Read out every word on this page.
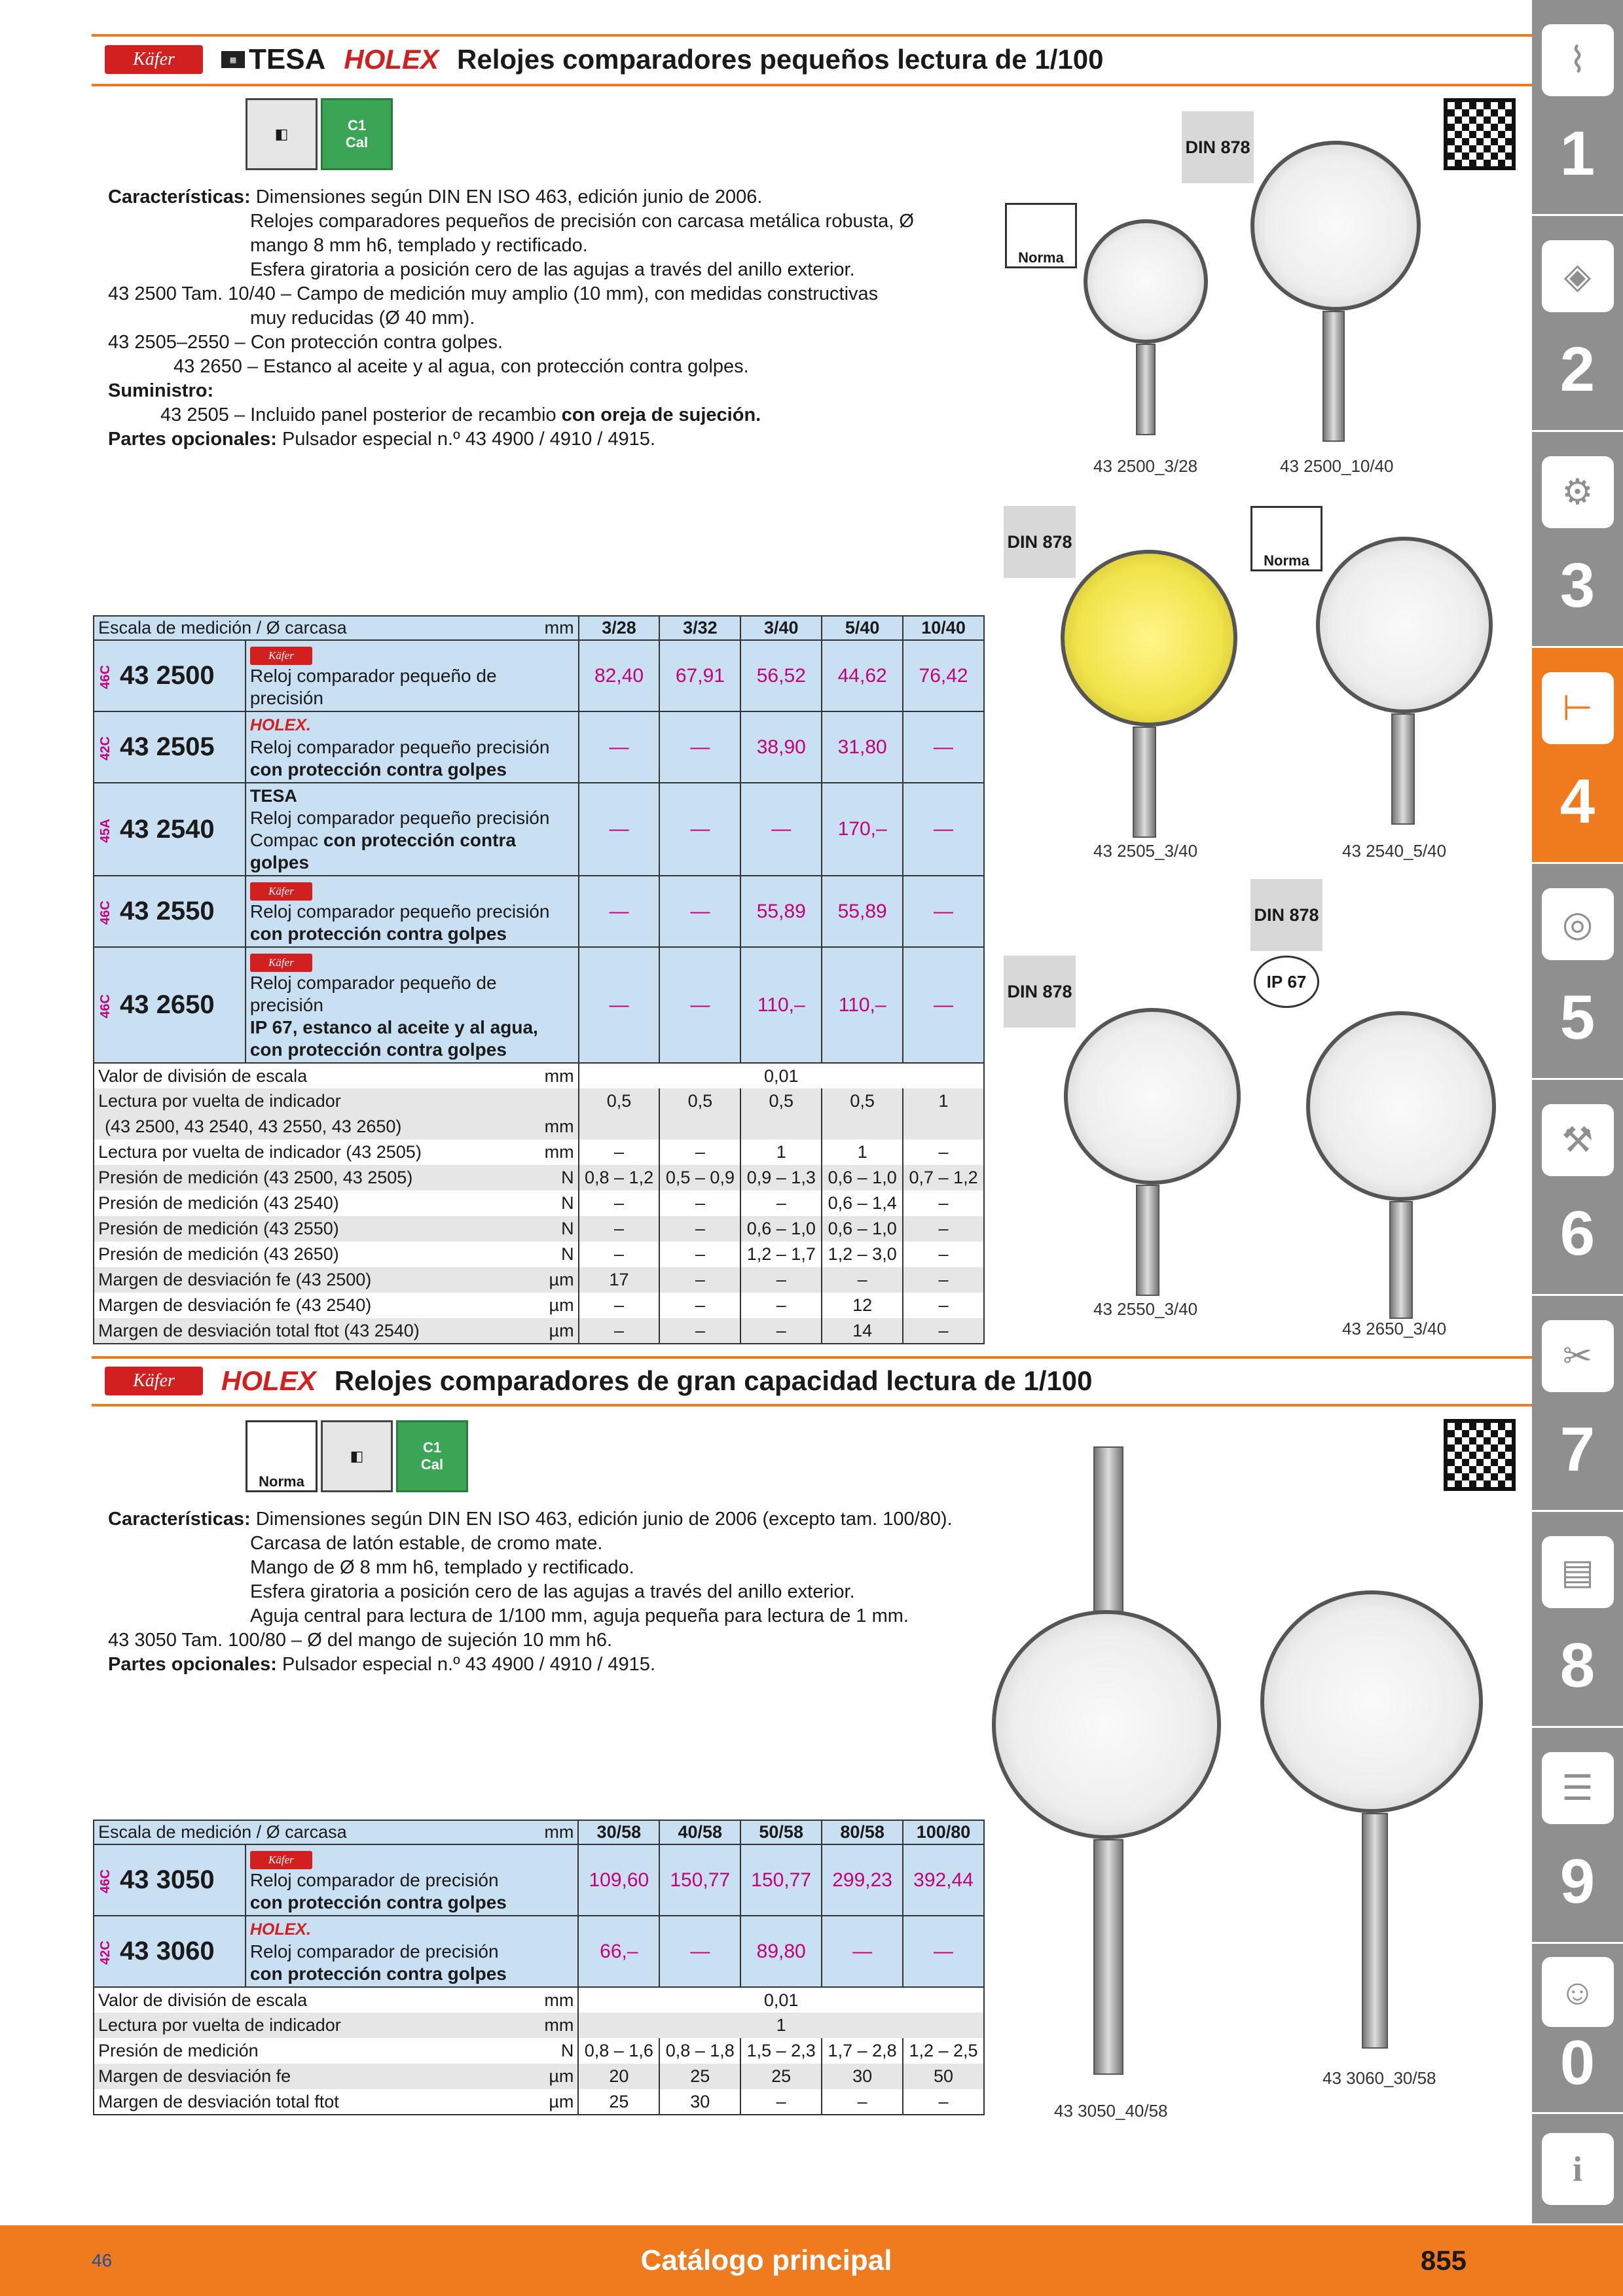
Käfer	▦ TESA HOLEX Relojes comparadores pequeños lectura de 1/100
◧
C1
Cal
Características: Dimensiones según DIN EN ISO 463, edición junio de 2006.
Relojes comparadores pequeños de precisión con carcasa metálica robusta, Ø
mango 8 mm h6, templado y rectificado.
Esfera giratoria a posición cero de las agujas a través del anillo exterior.
43 2500 Tam. 10/40 – Campo de medición muy amplio (10 mm), con medidas constructivas
muy reducidas (Ø 40 mm).
43 2505–2550 – Con protección contra golpes.
43 2650 – Estanco al aceite y al agua, con protección contra golpes.
Suministro:
43 2505 – Incluido panel posterior de recambio con oreja de sujeción.
Partes opcionales: Pulsador especial n.º 43 4900 / 4910 / 4915.
DIN 878
Norma
43 2500_3/28	43 2500_10/40
DIN 878
Norma
43 2505_3/40	43 2540_5/40
DIN 878
DIN 878
IP
67
43 2550_3/40
43 2650_3/40
Escala de medición / Ø carcasa mm		3/28	3/32	3/40	5/40	10/40
46C 43 2500	Käfer
Reloj comparador pequeño de precisión	82,40	67,91	56,52	44,62	76,42
42C 43 2505	HOLEX.
Reloj comparador pequeño precisión
con protección contra golpes	—	—	38,90	31,80	—
45A 43 2540	TESA
Reloj comparador pequeño precisión
Compac con protección contra golpes	—	—	—	170,–	—
46C 43 2550	Käfer
Reloj comparador pequeño precisión
con protección contra golpes	—	—	55,89	55,89	—
46C 43 2650	Käfer
Reloj comparador pequeño de precisión
IP 67, estanco al aceite y al agua,
con protección contra golpes	—	—	110,–	110,–	—
Valor de división de escala mm		0,01				
Lectura por vuelta de indicador		0,5	0,5	0,5	0,5	1
(43 2500, 43 2540, 43 2550, 43 2650) mm						

Lectura por vuelta de indicador (43 2505) mm		–	–	1	1	–
Presión de medición (43 2500, 43 2505) N		0,8 – 1,2	0,5 – 0,9	0,9 – 1,3	0,6 – 1,0	0,7 – 1,2
Presión de medición (43 2540) N		–	–	–	0,6 – 1,4	–
Presión de medición (43 2550) N		–	–	0,6 – 1,0	0,6 – 1,0	–
Presión de medición (43 2650) N		–	–	1,2 – 1,7	1,2 – 3,0	–
Margen de desviación fe (43 2500) µm		17	–	–	–	–
Margen de desviación fe (43 2540) µm		–	–	–	12	–
Margen de desviación total ftot (43 2540) µm		–	–	–	14	–
Käfer	HOLEX Relojes comparadores de gran capacidad lectura de 1/100
Norma
◧
C1
Cal
Características: Dimensiones según DIN EN ISO 463, edición junio de 2006 (excepto tam. 100/80).
Carcasa de latón estable, de cromo mate.
Mango de Ø 8 mm h6, templado y rectificado.
Esfera giratoria a posición cero de las agujas a través del anillo exterior.
Aguja central para lectura de 1/100 mm, aguja pequeña para lectura de 1 mm.
43 3050 Tam. 100/80 – Ø del mango de sujeción 10 mm h6.
Partes opcionales: Pulsador especial n.º 43 4900 / 4910 / 4915.
43 3050_40/58
43 3060_30/58
Escala de medición / Ø carcasa mm		30/58	40/58	50/58	80/58	100/80
46C 43 3050	Käfer
Reloj comparador de precisión
con protección contra golpes	109,60	150,77	150,77	299,23	392,44
42C 43 3060	HOLEX.
Reloj comparador de precisión
con protección contra golpes	66,–	—	89,80	—	—
Valor de división de escala mm		0,01				
Lectura por vuelta de indicador mm		1				
Presión de medición N		0,8 – 1,6	0,8 – 1,8	1,5 – 2,3	1,7 – 2,8	1,2 – 2,5
Margen de desviación fe µm		20	25	25	30	50
Margen de desviación total ftot µm		25	30	–	–	–
⌇
1
◈
2
⚙
3
⊢
4
◎
5
⚒
6
✂
7
▤
8
☰
9
☺
0
i
46	Catálogo principal	855
